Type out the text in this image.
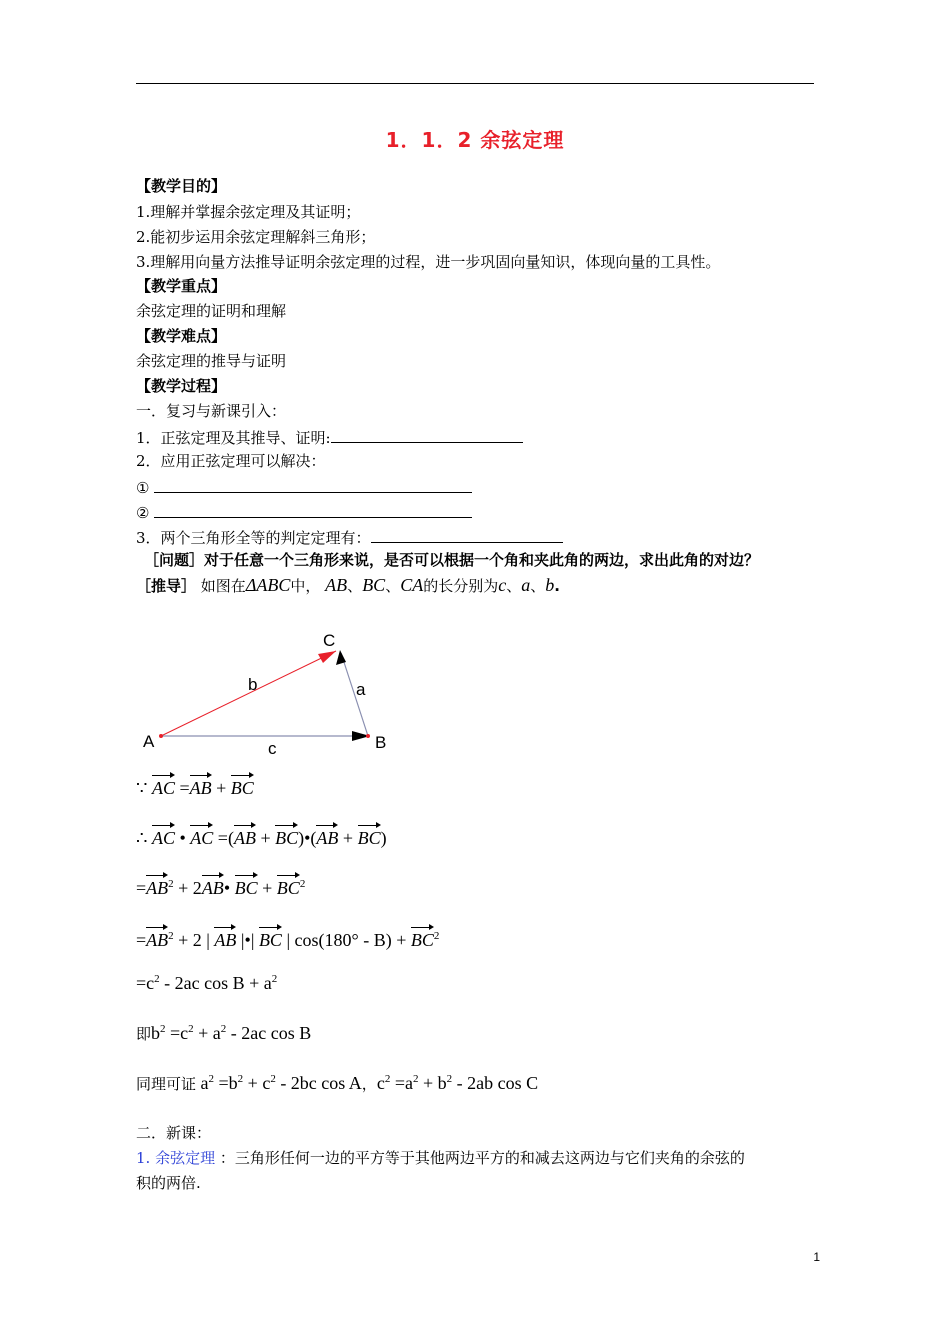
1．1．2 余弦定理
【教学目的】
1.理解并掌握余弦定理及其证明；
2.能初步运用余弦定理解斜三角形；
3.理解用向量方法推导证明余弦定理的过程，进一步巩固向量知识，体现向量的工具性。
【教学重点】
余弦定理的证明和理解
【教学难点】
余弦定理的推导与证明
【教学过程】
一．复习与新课引入：
1．正弦定理及其推导、证明:
2．应用正弦定理可以解决：
①
②
3．两个三角形全等的判定定理有：
［问题］对于任意一个三角形来说，是否可以根据一个角和夹此角的两边，求出此角的对边？
［推导］ 如图在ΔABC中， AB、BC、CA的长分别为c、a、b.
C
b	a
A	B
c
∵ AC =AB + BC
∴ AC • AC =(AB + BC)•(AB + BC)
$=AB^2$ + 2AB• BC + $BC^2$
$=AB^2 + 2$ | AB |•| BC | $\cos(180^\circ - B) + BC^2$
$=c^2 - 2ac$ $\cos B + a^2$
即$b^2 =c^2 + a^2 - 2ac$ cos B
同理可证 $a^2 =b^2 + c^2 - 2bc$ cos A，$c^2 =a^2 + b^2 - 2ab$ cos C
二．新课：
1. 余弦定理 ：三角形任何一边的平方等于其他两边平方的和减去这两边与它们夹角的余弦的
积的两倍.
1
